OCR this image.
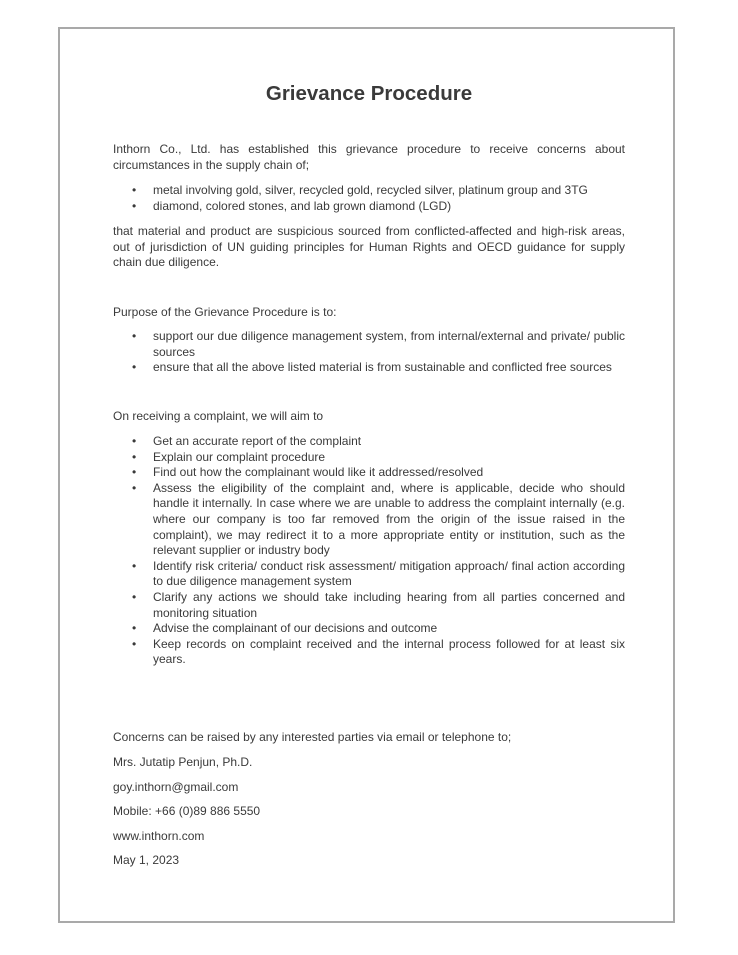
Grievance Procedure

Inthorn Co., Ltd. has established this grievance procedure to receive concerns about circumstances in the supply chain of;

• metal involving gold, silver, recycled gold, recycled silver, platinum group and 3TG
• diamond, colored stones, and lab grown diamond (LGD)

that material and product are suspicious sourced from conflicted-affected and high-risk areas, out of jurisdiction of UN guiding principles for Human Rights and OECD guidance for supply chain due diligence.

Purpose of the Grievance Procedure is to:

• support our due diligence management system, from internal/external and private/ public sources
• ensure that all the above listed material is from sustainable and conflicted free sources

On receiving a complaint, we will aim to

• Get an accurate report of the complaint
• Explain our complaint procedure
• Find out how the complainant would like it addressed/resolved
• Assess the eligibility of the complaint and, where is applicable, decide who should handle it internally. In case where we are unable to address the complaint internally (e.g. where our company is too far removed from the origin of the issue raised in the complaint), we may redirect it to a more appropriate entity or institution, such as the relevant supplier or industry body
• Identify risk criteria/ conduct risk assessment/ mitigation approach/ final action according to due diligence management system
• Clarify any actions we should take including hearing from all parties concerned and monitoring situation
• Advise the complainant of our decisions and outcome
• Keep records on complaint received and the internal process followed for at least six years.

Concerns can be raised by any interested parties via email or telephone to;

Mrs. Jutatip Penjun, Ph.D.

goy.inthorn@gmail.com

Mobile: +66 (0)89 886 5550

www.inthorn.com

May 1, 2023
